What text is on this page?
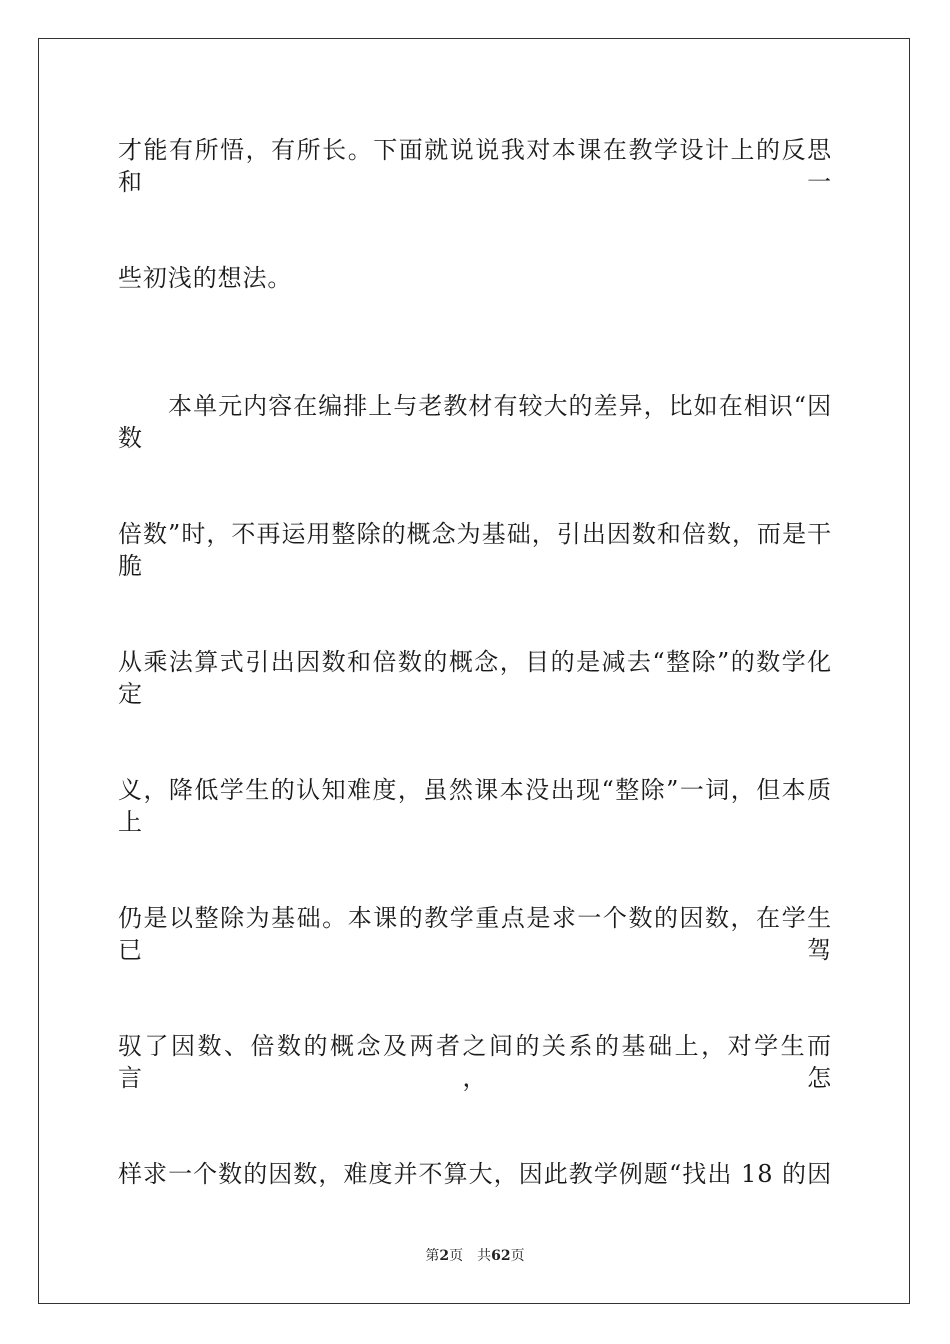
才能有所悟，有所长。下面就说说我对本课在教学设计上的反思和一
些初浅的想法。
　　本单元内容在编排上与老教材有较大的差异，比如在相识“因数
倍数”时，不再运用整除的概念为基础，引出因数和倍数，而是干脆
从乘法算式引出因数和倍数的概念，目的是减去“整除”的数学化定
义，降低学生的认知难度，虽然课本没出现“整除”一词，但本质上
仍是以整除为基础。本课的教学重点是求一个数的因数，在学生已驾
驭了因数、倍数的概念及两者之间的关系的基础上，对学生而言，怎
样求一个数的因数，难度并不算大，因此教学例题“找出 18 的因
第2页 共62页
